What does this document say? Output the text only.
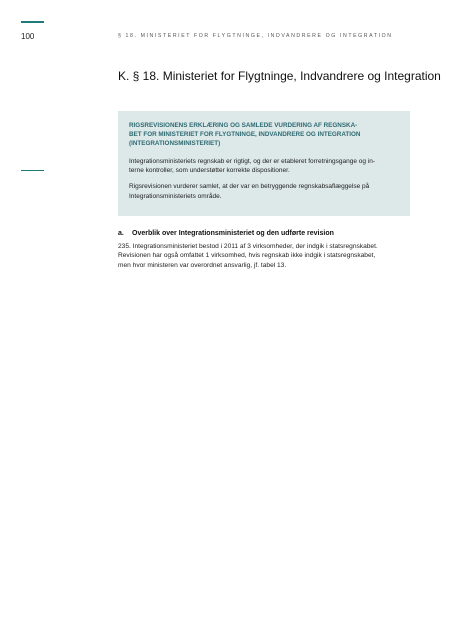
100	§ 18. MINISTERIET FOR FLYGTNINGE, INDVANDRERE OG INTEGRATION
K. § 18. Ministeriet for Flygtninge, Indvandrere og Integration

RIGSREVISIONENS ERKLÆRING OG SAMLEDE VURDERING AF REGNSKA-
BET FOR MINISTERIET FOR FLYGTNINGE, INDVANDRERE OG INTEGRATION
(INTEGRATIONSMINISTERIET)

Integrationsministeriets regnskab er rigtigt, og der er etableret forretningsgange og in-
terne kontroller, som understøtter korrekte dispositioner.

Rigsrevisionen vurderer samlet, at der var en betryggende regnskabsaflæggelse på
Integrationsministeriets område.

a. Overblik over Integrationsministeriet og den udførte revision

235. Integrationsministeriet bestod i 2011 af 3 virksomheder, der indgik i statsregnskabet.
Revisionen har også omfattet 1 virksomhed, hvis regnskab ikke indgik i statsregnskabet,
men hvor ministeren var overordnet ansvarlig, jf. tabel 13.
